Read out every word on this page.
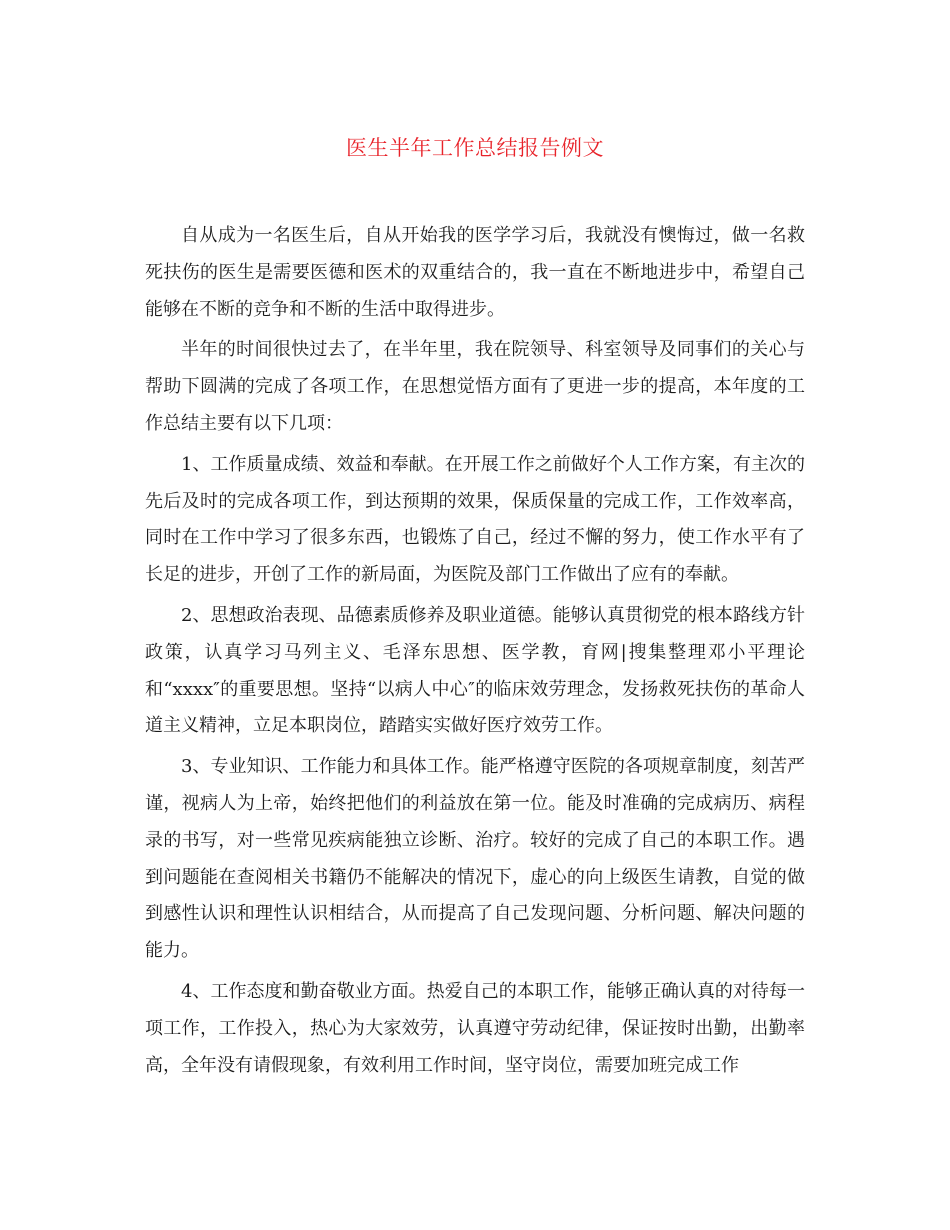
医生半年工作总结报告例文

自从成为一名医生后，自从开始我的医学学习后，我就没有懊悔过，做一名救死扶伤的医生是需要医德和医术的双重结合的，我一直在不断地进步中，希望自己能够在不断的竞争和不断的生活中取得进步。

半年的时间很快过去了，在半年里，我在院领导、科室领导及同事们的关心与帮助下圆满的完成了各项工作，在思想觉悟方面有了更进一步的提高，本年度的工作总结主要有以下几项：

1、工作质量成绩、效益和奉献。在开展工作之前做好个人工作方案，有主次的先后及时的完成各项工作，到达预期的效果，保质保量的完成工作，工作效率高，同时在工作中学习了很多东西，也锻炼了自己，经过不懈的努力，使工作水平有了长足的进步，开创了工作的新局面，为医院及部门工作做出了应有的奉献。

2、思想政治表现、品德素质修养及职业道德。能够认真贯彻党的根本路线方针政策，认真学习马列主义、毛泽东思想、医学教，育网|搜集整理邓小平理论和“xxxx″的重要思想。坚持“以病人中心″的临床效劳理念，发扬救死扶伤的革命人道主义精神，立足本职岗位，踏踏实实做好医疗效劳工作。

3、专业知识、工作能力和具体工作。能严格遵守医院的各项规章制度，刻苦严谨，视病人为上帝，始终把他们的利益放在第一位。能及时准确的完成病历、病程录的书写，对一些常见疾病能独立诊断、治疗。较好的完成了自己的本职工作。遇到问题能在查阅相关书籍仍不能解决的情况下，虚心的向上级医生请教，自觉的做到感性认识和理性认识相结合，从而提高了自己发现问题、分析问题、解决问题的能力。

4、工作态度和勤奋敬业方面。热爱自己的本职工作，能够正确认真的对待每一项工作，工作投入，热心为大家效劳，认真遵守劳动纪律，保证按时出勤，出勤率高，全年没有请假现象，有效利用工作时间，坚守岗位，需要加班完成工作
